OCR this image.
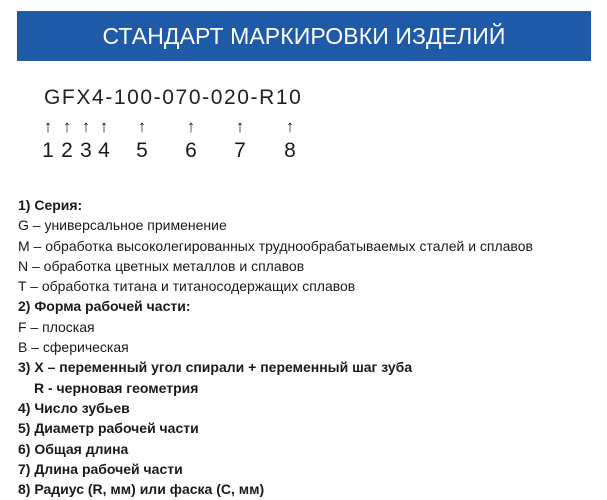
СТАНДАРТ МАРКИРОВКИ ИЗДЕЛИЙ
GFX4-100-070-020-R10
↑
1
↑
2
↑
3
↑
4
↑
5
↑
6
↑
7
↑
8
1) Серия:
G – универсальное применение
M – обработка высоколегированных труднообрабатываемых сталей и сплавов
N – обработка цветных металлов и сплавов
T – обработка титана и титаносодержащих сплавов
2) Форма рабочей части:
F – плоская
B – сферическая
3) X – переменный угол спирали + переменный шаг зуба
R - черновая геометрия
4) Число зубьев
5) Диаметр рабочей части
6) Общая длина
7) Длина рабочей части
8) Радиус (R, мм) или фаска (С, мм)
